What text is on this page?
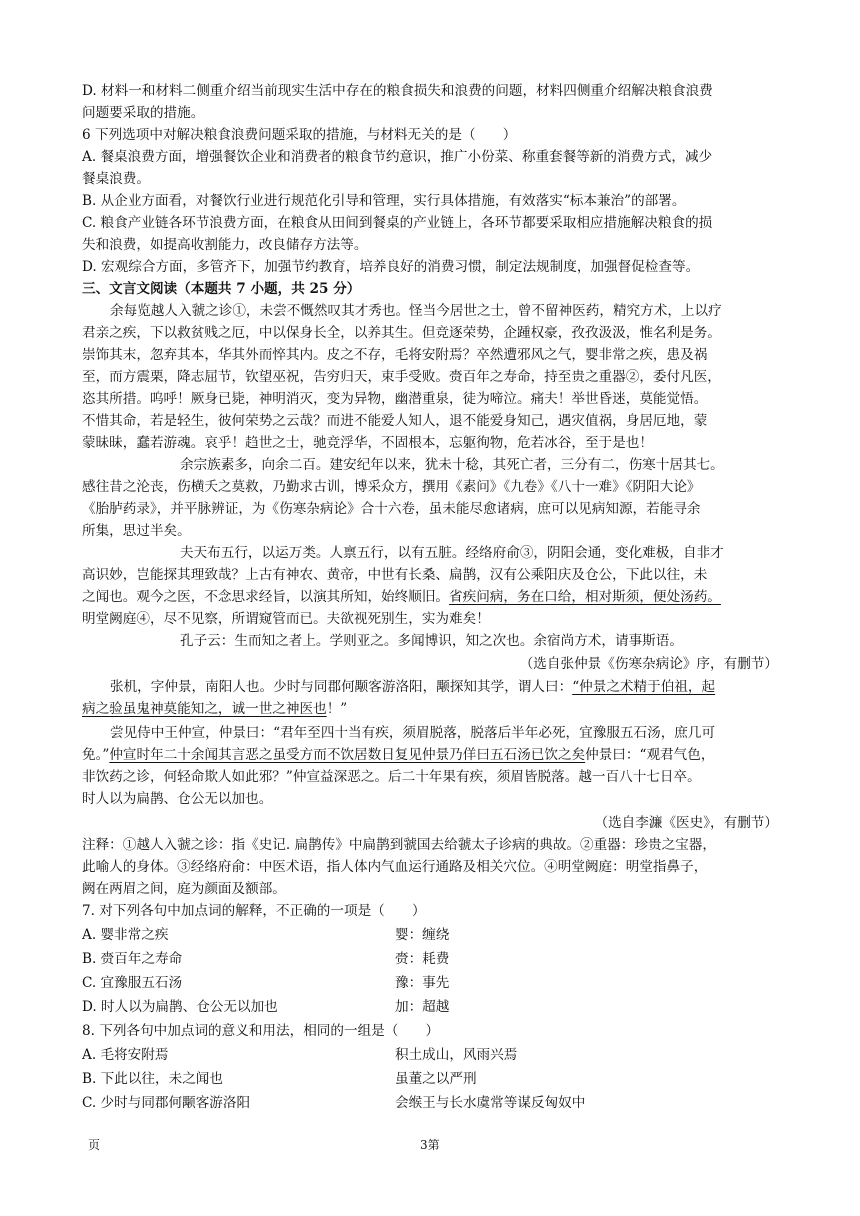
D. 材料一和材料二侧重介绍当前现实生活中存在的粮食损失和浪费的问题，材料四侧重介绍解决粮食浪费
问题要采取的措施。
6 下列选项中对解决粮食浪费问题采取的措施，与材料无关的是（　　）
A. 餐桌浪费方面，增强餐饮企业和消费者的粮食节约意识，推广小份菜、称重套餐等新的消费方式，减少
餐桌浪费。
B. 从企业方面看，对餐饮行业进行规范化引导和管理，实行具体措施，有效落实“标本兼治”的部署。
C. 粮食产业链各环节浪费方面，在粮食从田间到餐桌的产业链上，各环节都要采取相应措施解决粮食的损
失和浪费，如提高收割能力，改良储存方法等。
D. 宏观综合方面，多管齐下，加强节约教育，培养良好的消费习惯，制定法规制度，加强督促检查等。
三、文言文阅读（本题共 7 小题，共 25 分）
余每览越人入虢之诊①，未尝不慨然叹其才秀也。怪当今居世之士，曾不留神医药，精究方术，上以疗
君亲之疾，下以救贫贱之厄，中以保身长全，以养其生。但竞逐荣势，企踵权豪，孜孜汲汲，惟名利是务。
崇饰其末，忽弃其本，华其外而悴其内。皮之不存，毛将安附焉？卒然遭邪风之气，婴非常之疾，患及祸
至，而方震栗，降志屈节，钦望巫祝，告穷归天，束手受败。赍百年之寿命，持至贵之重器②，委付凡医，
恣其所措。呜呼！厥身已毙，神明消灭，变为异物，幽潜重泉，徒为啼泣。痛夫！举世昏迷，莫能觉悟。
不惜其命，若是轻生，彼何荣势之云哉？而进不能爱人知人，退不能爱身知己，遇灾值祸，身居厄地，蒙
蒙昧昧，蠢若游魂。哀乎！趋世之士，驰竞浮华，不固根本，忘躯徇物，危若冰谷，至于是也！
余宗族素多，向余二百。建安纪年以来，犹未十稔，其死亡者，三分有二，伤寒十居其七。
感往昔之沦丧，伤横夭之莫救，乃勤求古训，博采众方，撰用《素问》《九卷》《八十一难》《阴阳大论》
《胎胪药录》，并平脉辨证，为《伤寒杂病论》合十六卷，虽未能尽愈诸病，庶可以见病知源，若能寻余
所集，思过半矣。
夫天布五行，以运万类。人禀五行，以有五脏。经络府俞③，阴阳会通，变化难极，自非才
高识妙，岂能探其理致哉？上古有神农、黄帝，中世有长桑、扁鹊，汉有公乘阳庆及仓公，下此以往，未
之闻也。观今之医，不念思求经旨，以演其所知，始终顺旧。省疾问病，务在口给，相对斯须，便处汤药。
明堂阙庭④，尽不见察，所谓窥管而已。夫欲视死别生，实为难矣！
孔子云：生而知之者上。学则亚之。多闻博识，知之次也。余宿尚方术，请事斯语。
（选自张仲景《伤寒杂病论》序，有删节）
张机，字仲景，南阳人也。少时与同郡何颙客游洛阳，颙探知其学，谓人曰：“仲景之术精于伯祖，起
病之验虽鬼神莫能知之，诚一世之神医也！”
尝见侍中王仲宣，仲景曰：“君年至四十当有疾，须眉脱落，脱落后半年必死，宜豫服五石汤，庶几可
免。”仲宣时年二十余闻其言恶之虽受方而不饮居数日复见仲景乃佯曰五石汤已饮之矣仲景曰：“观君气色，
非饮药之诊，何轻命欺人如此邪？”仲宣益深恶之。后二十年果有疾，须眉皆脱落。越一百八十七日卒。
时人以为扁鹊、仓公无以加也。
（选自李濂《医史》，有删节）
注释：①越人入虢之诊：指《史记. 扁鹊传》中扁鹊到虢国去给虢太子诊病的典故。②重器：珍贵之宝器，
此喻人的身体。③经络府俞：中医术语，指人体内气血运行通路及相关穴位。④明堂阙庭：明堂指鼻子，
阙在两眉之间，庭为颜面及额部。
7. 对下列各句中加点词的解释，不正确的一项是（　　）
A. 婴非常之疾	婴：缠绕
B. 赍百年之寿命	赍：耗费
C. 宜豫服五石汤	豫：事先
D. 时人以为扁鹊、仓公无以加也	加：超越
8. 下列各句中加点词的意义和用法，相同的一组是（　　）
A. 毛将安附焉	积土成山，风雨兴焉
B. 下此以往，未之闻也	虽董之以严刑
C. 少时与同郡何颙客游洛阳	会缑王与长水虞常等谋反匈奴中
页	3第
